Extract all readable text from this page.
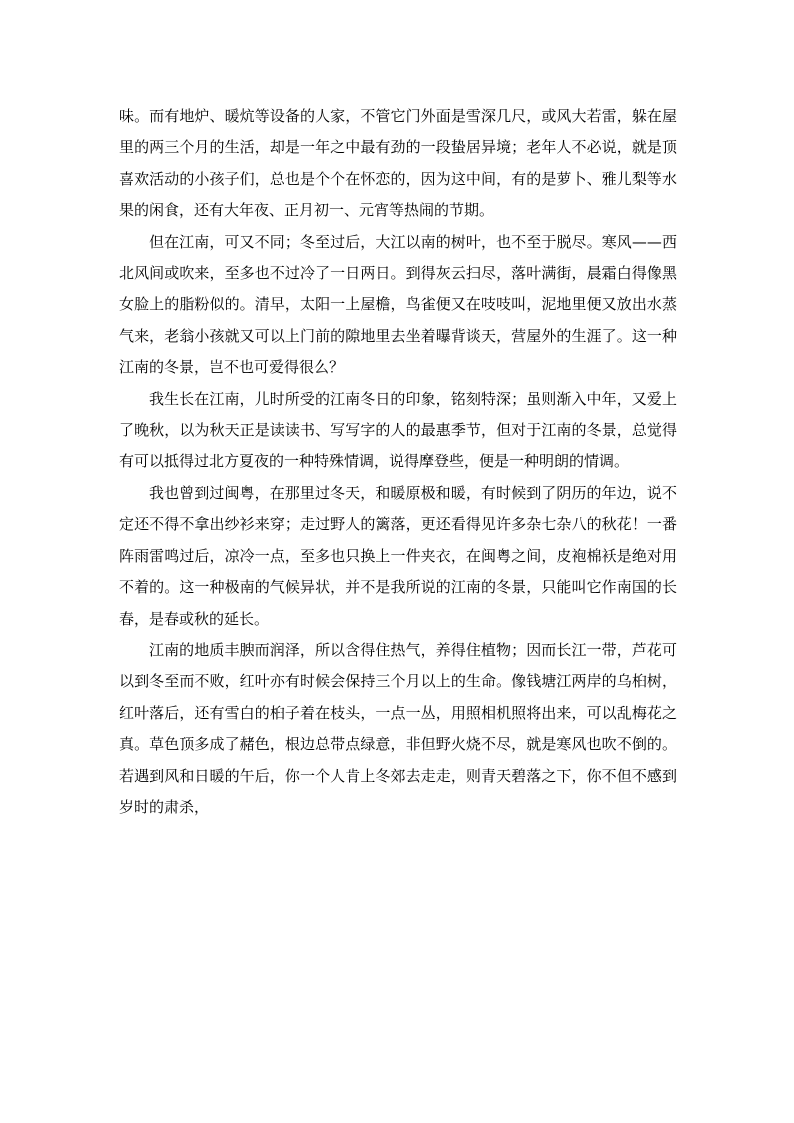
味。而有地炉、暖炕等设备的人家，不管它门外面是雪深几尺，或风大若雷，躲在屋里的两三个月的生活，却是一年之中最有劲的一段蛰居异境；老年人不必说，就是顶喜欢活动的小孩子们，总也是个个在怀恋的，因为这中间，有的是萝卜、雅儿梨等水果的闲食，还有大年夜、正月初一、元宵等热闹的节期。

但在江南，可又不同；冬至过后，大江以南的树叶，也不至于脱尽。寒风——西北风间或吹来，至多也不过冷了一日两日。到得灰云扫尽，落叶满街，晨霜白得像黑女脸上的脂粉似的。清早，太阳一上屋檐，鸟雀便又在吱吱叫，泥地里便又放出水蒸气来，老翁小孩就又可以上门前的隙地里去坐着曝背谈天，营屋外的生涯了。这一种江南的冬景，岂不也可爱得很么？

我生长在江南，儿时所受的江南冬日的印象，铭刻特深；虽则渐入中年，又爱上了晚秋，以为秋天正是读读书、写写字的人的最惠季节，但对于江南的冬景，总觉得有可以抵得过北方夏夜的一种特殊情调，说得摩登些，便是一种明朗的情调。

我也曾到过闽粤，在那里过冬天，和暖原极和暖，有时候到了阴历的年边，说不定还不得不拿出纱衫来穿；走过野人的篱落，更还看得见许多杂七杂八的秋花！一番阵雨雷鸣过后，凉冷一点，至多也只换上一件夹衣，在闽粤之间，皮袍棉袄是绝对用不着的。这一种极南的气候异状，并不是我所说的江南的冬景，只能叫它作南国的长春，是春或秋的延长。

江南的地质丰腴而润泽，所以含得住热气，养得住植物；因而长江一带，芦花可以到冬至而不败，红叶亦有时候会保持三个月以上的生命。像钱塘江两岸的乌桕树，红叶落后，还有雪白的桕子着在枝头，一点一丛，用照相机照将出来，可以乱梅花之真。草色顶多成了赭色，根边总带点绿意，非但野火烧不尽，就是寒风也吹不倒的。若遇到风和日暖的午后，你一个人肯上冬郊去走走，则青天碧落之下，你不但不感到岁时的肃杀，
